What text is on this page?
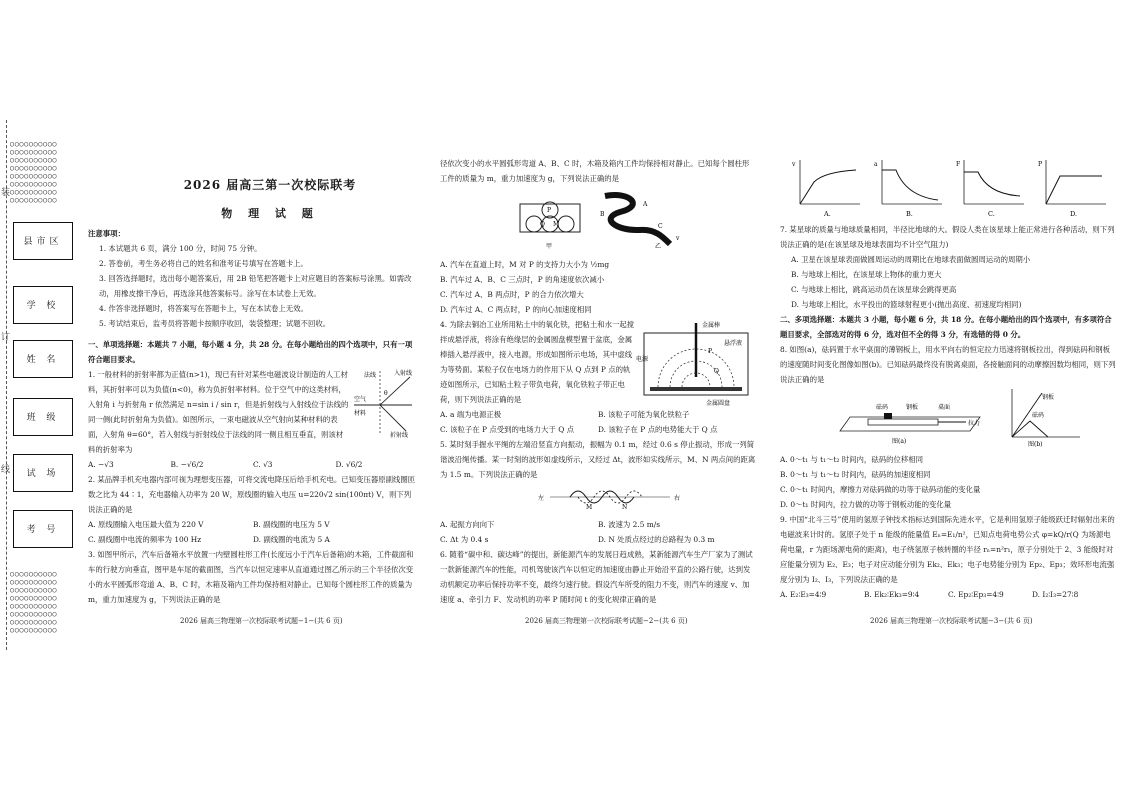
○○○○○○○○○○
○○○○○○○○○○
○○○○○○○○○○
○○○○○○○○○○
○○○○○○○○○○
○○○○○○○○○○
○○○○○○○○○○
○○○○○○○○○○
○○○○○○○○○○
○○○○○○○○○○
○○○○○○○○○○
○○○○○○○○○○
○○○○○○○○○○
○○○○○○○○○○
○○○○○○○○○○
○○○○○○○○○○
装
订
线
县市区
学 校
姓 名
班 级
试 场
考 号
2026 届高三第一次校际联考
物 理 试 题

注意事项：

1. 本试题共 6 页，满分 100 分，时间 75 分钟。

2. 答卷前，考生务必将自己的姓名和准考证号填写在答题卡上。

3. 回答选择题时，选出每小题答案后，用 2B 铅笔把答题卡上对应题目的答案标号涂黑。如需改动，用橡皮擦干净后，再选涂其他答案标号。涂写在本试卷上无效。

4. 作答非选择题时，将答案写在答题卡上，写在本试卷上无效。

5. 考试结束后，监考员将答题卡按顺序收回，装袋整理；试题不回收。

一、单项选择题：本题共 7 小题，每小题 4 分，共 28 分。在每小题给出的四个选项中，只有一项符合题目要求。

1. 一般材料的折射率都为正值(n>1)，现已有针对某些电磁波设计制造的人工材料，其折射率可以为负值(n<0)，称为负折射率材料。位于空气中的这类材料，入射角 i 与折射角 r 依然满足 n=sin i / sin r，但是折射线与入射线位于法线的同一侧(此时折射角为负值)。如图所示，一束电磁波从空气射向某种材料的表面，入射角 θ=60°，若入射线与折射线位于法线的同一侧且相互垂直，则该材料的折射率为

法线	入射线
θ
空气
材料
折射线
A. −√3	B. −√6/2	C. √3	D. √6/2

2. 某品牌手机充电器内部可视为理想变压器，可将交流电降压后给手机充电。已知变压器原副线圈匝数之比为 44∶1，充电器输入功率为 20 W，原线圈的输入电压 u=220√2 sin(100πt) V，则下列说法正确的是

A. 原线圈输入电压最大值为 220 V	B. 副线圈的电压为 5 V
C. 副线圈中电流的频率为 100 Hz	D. 副线圈的电流为 5 A

3. 如图甲所示，汽车后备箱水平放置一内壁圆柱形工件(长度远小于汽车后备箱)的木箱，工件截面和车的行驶方向垂直，图甲是车尾的截面图，当汽车以恒定速率从直道通过图乙所示的三个半径依次变小的水平圆弧形弯道 A、B、C 时，木箱及箱内工件均保持相对静止。已知每个圆柱形工件的质量为 m，重力加速度为 g，下列说法正确的是

2026 届高三物理第一次校际联考试题−1−(共 6 页)

径依次变小的水平圆弧形弯道 A、B、C 时，木箱及箱内工件均保持相对静止。已知每个圆柱形工件的质量为 m，重力加速度为 g，下列说法正确的是

P
Q M
甲	乙
A
B
C
v

A. 汽车在直道上时，M 对 P 的支持力大小为 ½mg

B. 汽车过 A、B、C 三点时，P 的角速度依次减小

C. 汽车过 A、B 两点时，P 的合力依次增大

D. 汽车过 A、C 两点时，P 的向心加速度相同

4. 为除去铜冶工业所用粘土中的氧化铁，把粘土和水一起搅拌成悬浮液，将涂有绝缘层的金属圆盘模型置于盆底，金属棒插入悬浮液中，接入电源，形成如图所示电场，其中虚线为等势面。某粒子仅在电场力的作用下从 Q 点到 P 点的轨迹如图所示，已知粘土粒子带负电荷，氧化铁粒子带正电荷，则下列说法正确的是

金属棒
电源
P
Q
悬浮液
金属圆盘
A. a 端为电源正极	B. 该粒子可能为氧化铁粒子
C. 该粒子在 P 点受到的电场力大于 Q 点	D. 该粒子在 P 点的电势能大于 Q 点

5. 某时刻手握水平绳的左端沿竖直方向振动，振幅为 0.1 m，经过 0.6 s 停止振动，形成一列简谐波沿绳传播。某一时刻的波形如虚线所示，又经过 Δt，波形如实线所示，M、N 两点间的距离为 1.5 m。下列说法正确的是

左
M	N
右
A. 起振方向向下	B. 波速为 2.5 m/s
C. Δt 为 0.4 s	D. N 处质点经过的总路程为 0.3 m

6. 随着“碳中和、碳达峰”的提出，新能源汽车的发展日趋成熟，某新能源汽车生产厂家为了测试一款新能源汽车的性能，司机驾驶该汽车以恒定的加速度由静止开始沿平直的公路行驶，达到发动机额定功率后保持功率不变，最终匀速行驶。假设汽车所受的阻力不变，则汽车的速度 v、加速度 a、牵引力 F、发动机的功率 P 随时间 t 的变化规律正确的是

2026 届高三物理第一次校际联考试题−2−(共 6 页)
v
A.
a
B.
F
C.
P
D.

7. 某星球的质量与地球质量相同，半径比地球的大。假设人类在该星球上能正常进行各种活动，则下列说法正确的是(在该星球及地球表面均不计空气阻力)

A. 卫星在该星球表面做圆周运动的周期比在地球表面做圆周运动的周期小

B. 与地球上相比，在该星球上物体的重力更大

C. 与地球上相比，跳高运动员在该星球会跳得更高

D. 与地球上相比，水平投出的篮球射程更小(抛出高度、初速度均相同)

二、多项选择题：本题共 3 小题，每小题 6 分，共 18 分。在每小题给出的四个选项中，有多项符合题目要求，全部选对的得 6 分，选对但不全的得 3 分，有选错的得 0 分。

8. 如图(a)，砝码置于水平桌面的薄钢板上，用水平向右的恒定拉力迅速将钢板拉出，得到砝码和钢板的速度随时间变化图像如图(b)。已知砝码最终没有脱离桌面，各接触面间的动摩擦因数均相同，则下列说法正确的是

砝码	钢板	桌面
拉力
图(a)
钢板
砝码
图(b)

A. 0～t₁ 与 t₁～t₂ 时间内，砝码的位移相同

B. 0～t₁ 与 t₁～t₂ 时间内，砝码的加速度相同

C. 0～t₁ 时间内，摩擦力对砝码做的功等于砝码动能的变化量

D. 0～t₁ 时间内，拉力做的功等于钢板动能的变化量

9. 中国“北斗三号”使用的氢原子钟技术指标达到国际先进水平，它是利用氢原子能级跃迁时辐射出来的电磁波来计时的。氢原子处于 n 能级的能量值 Eₙ=E₁/n²，已知点电荷电势公式 φ=kQ/r(Q 为场源电荷电量，r 为距场源电荷的距离)，电子绕氢原子核转圈的半径 rₙ=n²r₁，原子分别处于 2、3 能级时对应能量分别为 E₂、E₃；电子对应动能分别为 Ek₂、Ek₃；电子电势能分别为 Ep₂、Ep₃；效环形电流强度分别为 I₂、I₃，下列说法正确的是

A. E₂∶E₃=4∶9	B. Ek₂∶Ek₃=9∶4	C. Ep₂∶Ep₃=4∶9	D. I₂∶I₃=27∶8
2026 届高三物理第一次校际联考试题−3−(共 6 页)
